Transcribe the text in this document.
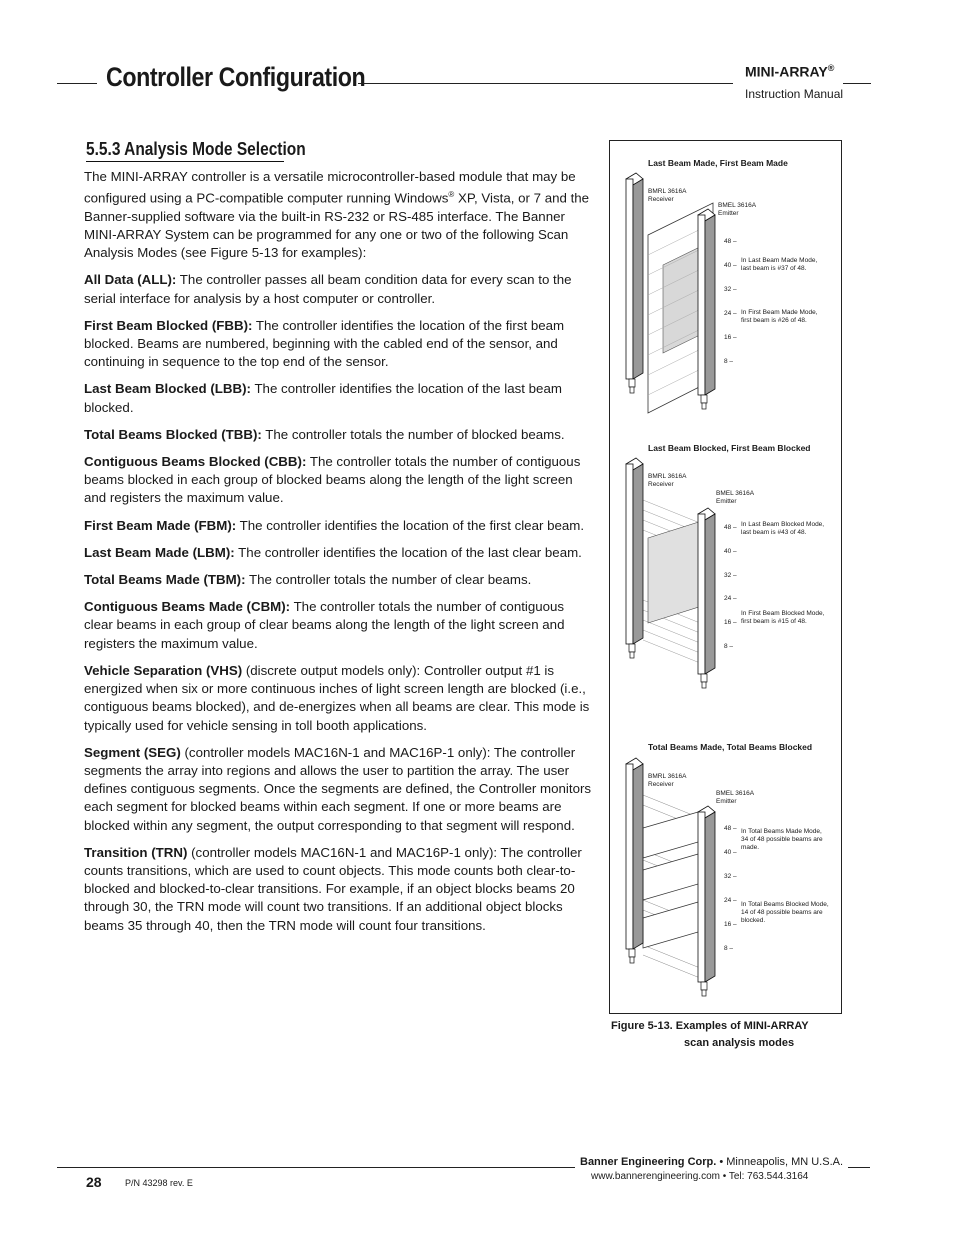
Controller Configuration	MINI-ARRAY®
Instruction Manual
5.5.3 Analysis Mode Selection

The MINI-ARRAY controller is a versatile microcontroller-based module that may be configured using a PC-compatible computer running Windows® XP, Vista, or 7 and the Banner-supplied software via the built-in RS-232 or RS-485 interface. The Banner MINI-ARRAY System can be programmed for any one or two of the following Scan Analysis Modes (see Figure 5-13 for examples):

All Data (ALL): The controller passes all beam condition data for every scan to the serial interface for analysis by a host computer or controller.

First Beam Blocked (FBB): The controller identifies the location of the first beam blocked. Beams are numbered, beginning with the cabled end of the sensor, and continuing in sequence to the top end of the sensor.

Last Beam Blocked (LBB): The controller identifies the location of the last beam blocked.

Total Beams Blocked (TBB): The controller totals the number of blocked beams.

Contiguous Beams Blocked (CBB): The controller totals the number of contiguous beams blocked in each group of blocked beams along the length of the light screen and registers the maximum value.

First Beam Made (FBM): The controller identifies the location of the first clear beam.

Last Beam Made (LBM): The controller identifies the location of the last clear beam.

Total Beams Made (TBM): The controller totals the number of clear beams.

Contiguous Beams Made (CBM): The controller totals the number of contiguous clear beams in each group of clear beams along the length of the light screen and registers the maximum value.

Vehicle Separation (VHS) (discrete output models only): Controller output #1 is energized when six or more continuous inches of light screen length are blocked (i.e., contiguous beams blocked), and de-energizes when all beams are clear. This mode is typically used for vehicle sensing in toll booth applications.

Segment (SEG) (controller models MAC16N-1 and MAC16P-1 only): The controller segments the array into regions and allows the user to partition the array. The user defines contiguous segments. Once the segments are defined, the Controller monitors each segment for blocked beams within each segment. If one or more beams are blocked within any segment, the output corresponding to that segment will respond.

Transition (TRN) (controller models MAC16N-1 and MAC16P-1 only): The controller counts transitions, which are used to count objects. This mode counts both clear-to-blocked and blocked-to-clear transitions. For example, if an object blocks beams 20 through 30, the TRN mode will count two transitions. If an additional object blocks beams 35 through 40, then the TRN mode will count four transitions.

Last Beam Made, First Beam Made
BMRL 3616A
Receiver
BMEL 3616A
Emitter
48 –
40 –
32 –
24 –
16 –
8 –
In Last Beam Made Mode,
last beam is #37 of 48.
In First Beam Made Mode,
first beam is #26 of 48.
Last Beam Blocked, First Beam Blocked
BMRL 3616A
Receiver
BMEL 3616A
Emitter
48 –
40 –
32 –
24 –
16 –
8 –
In Last Beam Blocked Mode,
last beam is #43 of 48.
In First Beam Blocked Mode,
first beam is #15 of 48.
Total Beams Made, Total Beams Blocked
BMRL 3616A
Receiver
BMEL 3616A
Emitter
48 –
40 –
32 –
24 –
16 –
8 –
In Total Beams Made Mode,
34 of 48 possible beams are
made.
In Total Beams Blocked Mode,
14 of 48 possible beams are
blocked.
Figure 5-13. Examples of MINI-ARRAY
scan analysis modes
28	P/N 43298 rev. E
Banner Engineering Corp. • Minneapolis, MN U.S.A.
www.bannerengineering.com • Tel: 763.544.3164
